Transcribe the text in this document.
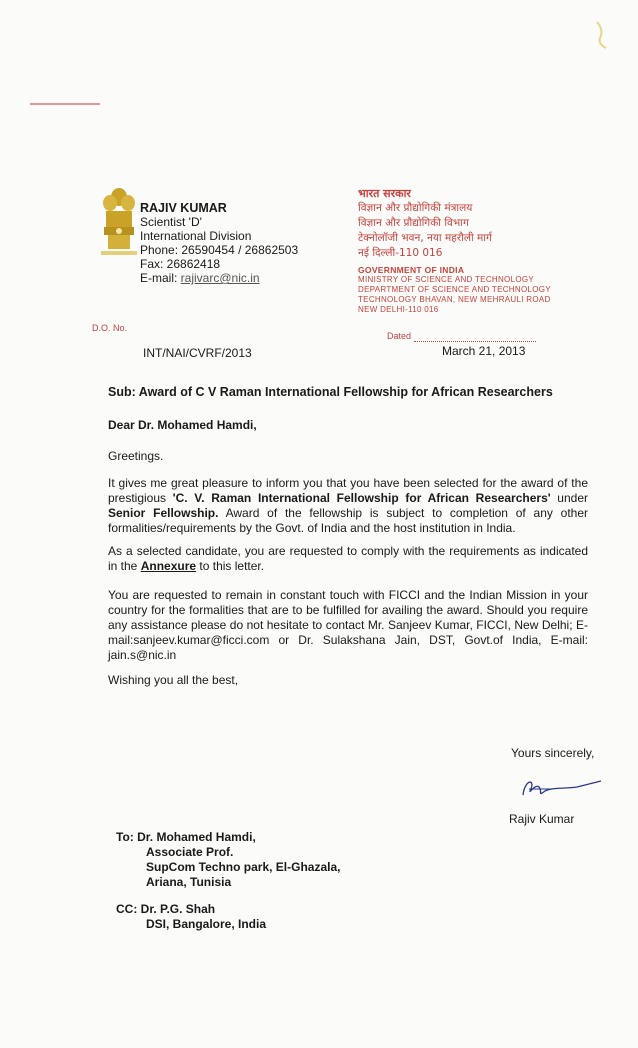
RAJIV KUMAR
Scientist 'D'
International Division
Phone: 26590454 / 26862503
Fax: 26862418
E-mail: rajivarc@nic.in
भारत सरकार
विज्ञान और प्रौद्योगिकी मंत्रालय
विज्ञान और प्रौद्योगिकी विभाग
टेक्नोलॉजी भवन, नया महरौली मार्ग
नई दिल्ली-110 016
GOVERNMENT OF INDIA
MINISTRY OF SCIENCE AND TECHNOLOGY
DEPARTMENT OF SCIENCE AND TECHNOLOGY
TECHNOLOGY BHAVAN, NEW MEHRAULI ROAD
NEW DELHI-110 016
D.O. No.
Dated
INT/NAI/CVRF/2013	March 21, 2013
Sub: Award of C V Raman International Fellowship for African Researchers
Dear Dr. Mohamed Hamdi,
Greetings.
It gives me great pleasure to inform you that you have been selected for the award of the prestigious 'C. V. Raman International Fellowship for African Researchers' under Senior Fellowship. Award of the fellowship is subject to completion of any other formalities/requirements by the Govt. of India and the host institution in India.
As a selected candidate, you are requested to comply with the requirements as indicated in the Annexure to this letter.
You are requested to remain in constant touch with FICCI and the Indian Mission in your country for the formalities that are to be fulfilled for availing the award. Should you require any assistance please do not hesitate to contact Mr. Sanjeev Kumar, FICCI, New Delhi; E-mail:sanjeev.kumar@ficci.com or Dr. Sulakshana Jain, DST, Govt.of India, E-mail: jain.s@nic.in
Wishing you all the best,
Yours sincerely,
Rajiv Kumar
To: Dr. Mohamed Hamdi,
Associate Prof.
SupCom Techno park, El-Ghazala,
Ariana, Tunisia
CC: Dr. P.G. Shah
DSI, Bangalore, India
